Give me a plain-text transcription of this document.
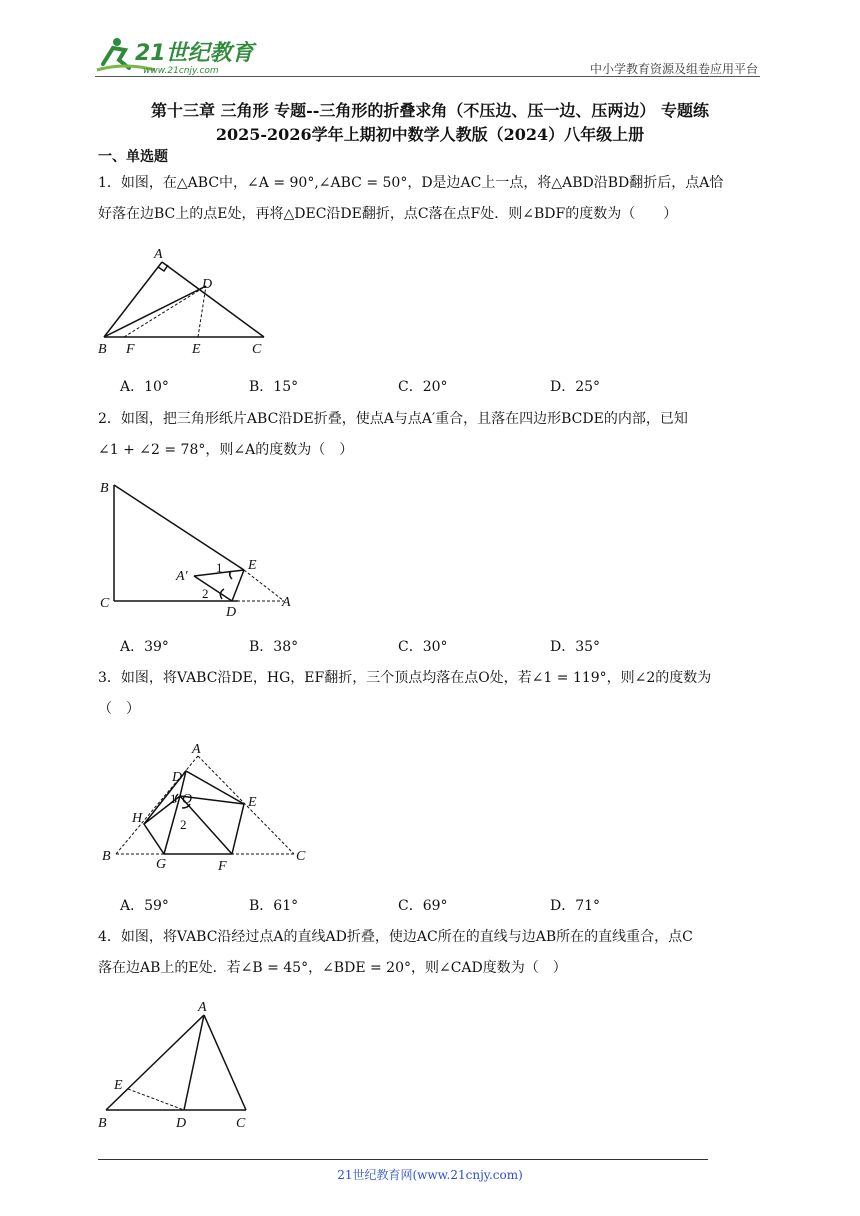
21世纪教育
www.21cnjy.com	中小学教育资源及组卷应用平台
第十三章 三角形 专题--三角形的折叠求角（不压边、压一边、压两边） 专题练
2025-2026学年上期初中数学人教版（2024）八年级上册
一、单选题
1．如图，在△ABC中，∠A = 90°,∠ABC = 50°，D是边AC上一点，将△ABD沿BD翻折后，点A恰
好落在边BC上的点E处，再将△DEC沿DE翻折，点C落在点F处．则∠BDF的度数为（　　）
A
D
B F	E	C
A．10°	B．15°	C．20°	D．25°
2．如图，把三角形纸片ABC沿DE折叠，使点A与点A′重合，且落在四边形BCDE的内部，已知
∠1 + ∠2 = 78°，则∠A的度数为（　）
B
C
A′
E
1
2
D
A
A．39°	B．38°	C．30°	D．35°
3．如图，将VABC沿DE，HG，EF翻折，三个顶点均落在点O处，若∠1 = 119°，则∠2的度数为
（　）
A
D
O	E
H
1
2
B
G	F
C
A．59°	B．61°	C．69°	D．71°
4．如图，将VABC沿经过点A的直线AD折叠，使边AC所在的直线与边AB所在的直线重合，点C
落在边AB上的E处．若∠B = 45°，∠BDE = 20°，则∠CAD度数为（　）
A
E
B	D	C
21世纪教育网(www.21cnjy.com)
